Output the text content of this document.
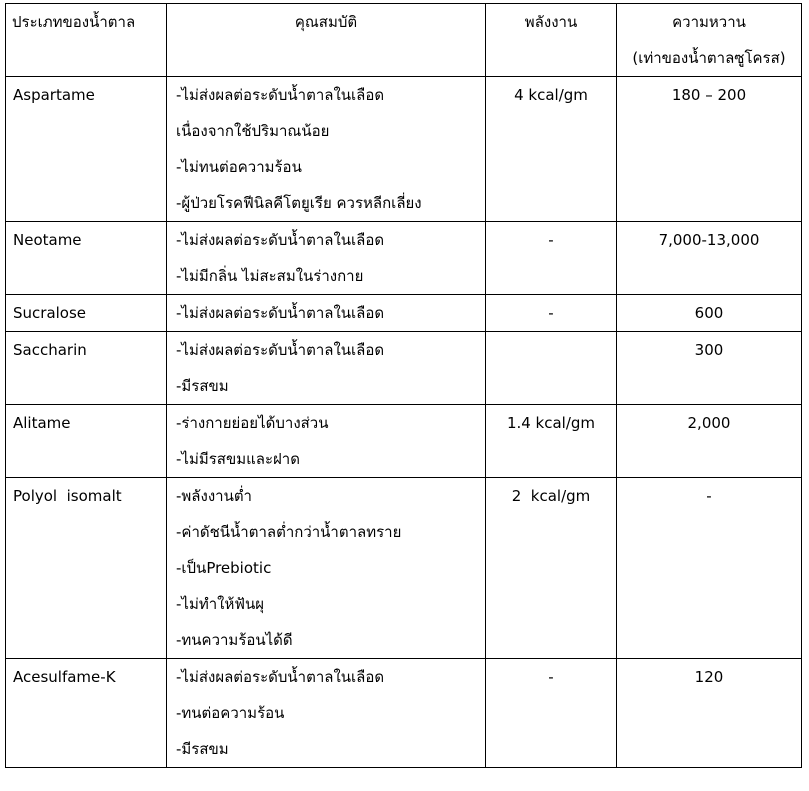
ประเภทของน้ำตาล	คุณสมบัติ	พลังงาน	ความหวาน
(เท่าของน้ำตาลซูโครส)

Aspartame	-ไม่ส่งผลต่อระดับน้ำตาลในเลือด
เนื่องจากใช้ปริมาณน้อย
-ไม่ทนต่อความร้อน
-ผู้ป่วยโรคฟีนิลคีโตยูเรีย ควรหลีกเลี่ยง	4 kcal/gm	180 – 200

Neotame	-ไม่ส่งผลต่อระดับน้ำตาลในเลือด
-ไม่มีกลิ่น ไม่สะสมในร่างกาย	-	7,000-13,000

Sucralose	-ไม่ส่งผลต่อระดับน้ำตาลในเลือด	-	600

Saccharin	-ไม่ส่งผลต่อระดับน้ำตาลในเลือด
-มีรสขม		300

Alitame	-ร่างกายย่อยได้บางส่วน
-ไม่มีรสขมและฝาด	1.4 kcal/gm	2,000

Polyol  isomalt	-พลังงานต่ำ
-ค่าดัชนีน้ำตาลต่ำกว่าน้ำตาลทราย
-เป็นPrebiotic
-ไม่ทำให้ฟันผุ
-ทนความร้อนได้ดี	2  kcal/gm	-

Acesulfame-K	-ไม่ส่งผลต่อระดับน้ำตาลในเลือด
-ทนต่อความร้อน
-มีรสขม	-	120
